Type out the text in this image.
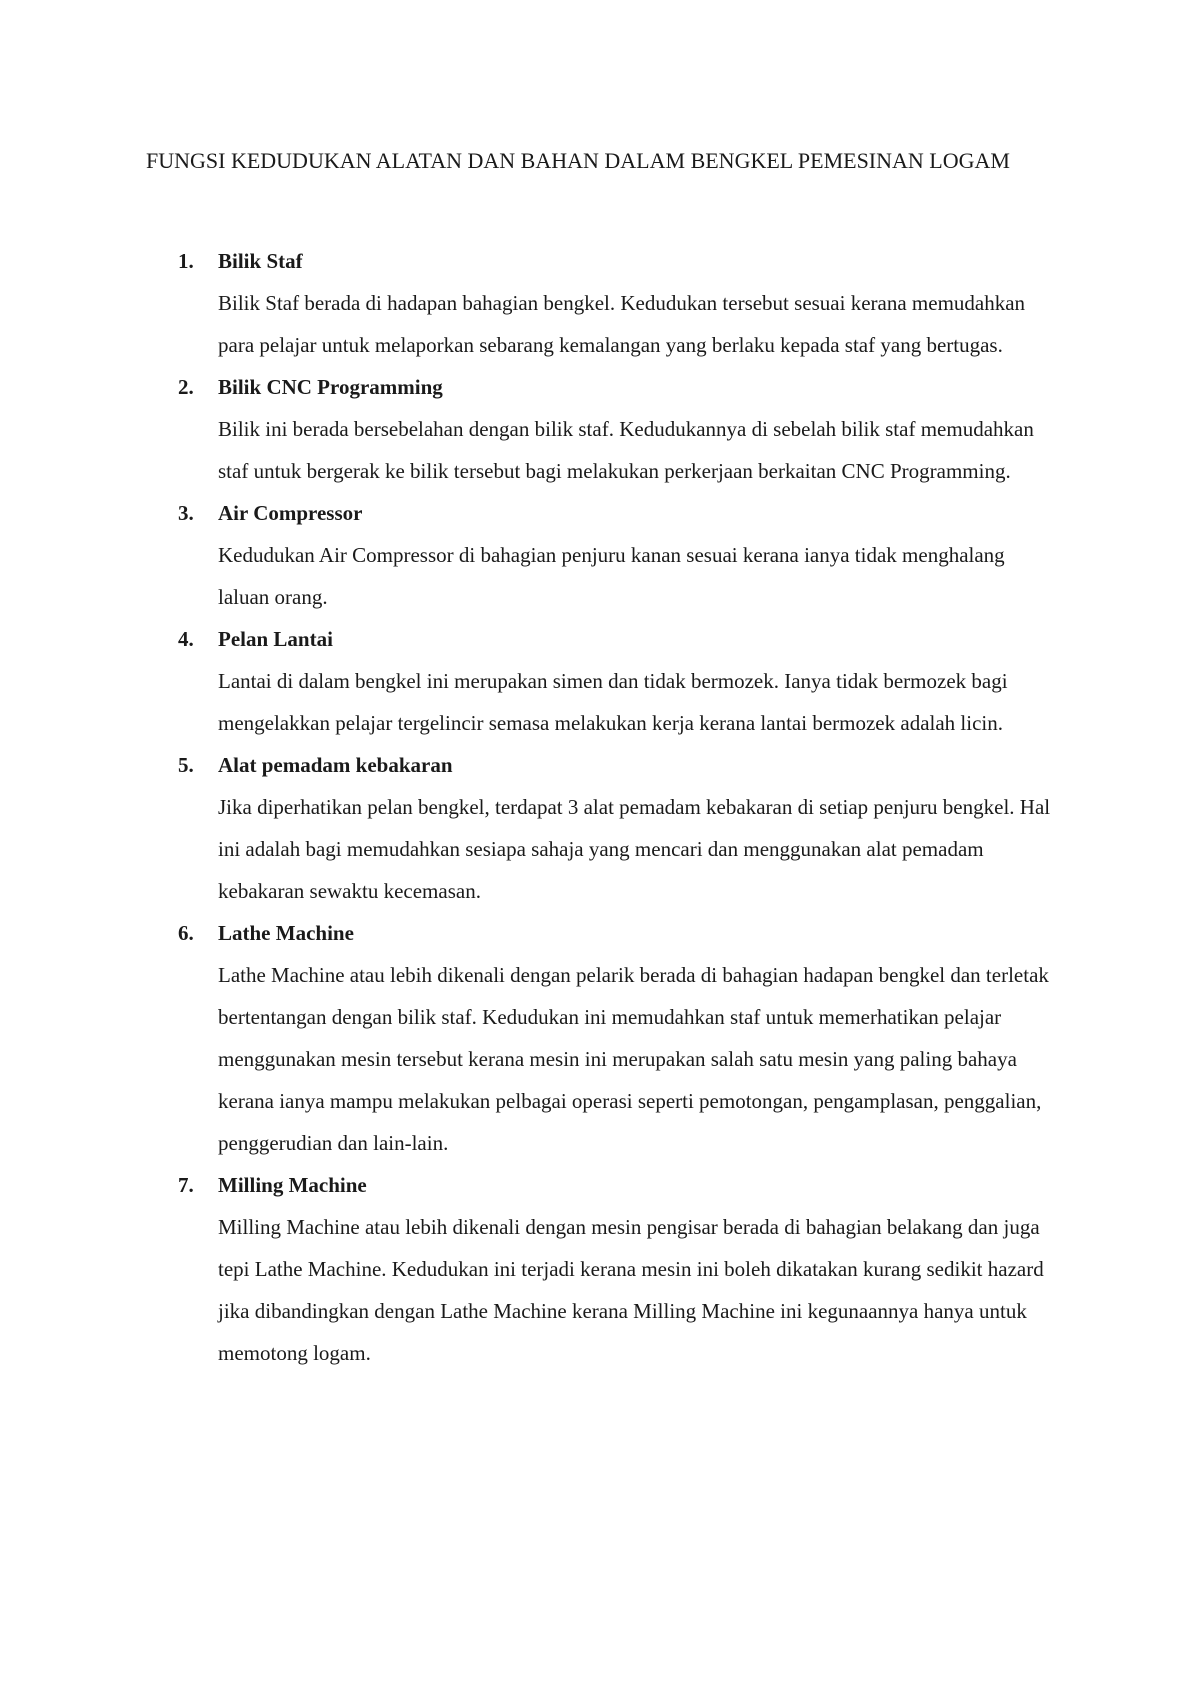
FUNGSI KEDUDUKAN ALATAN DAN BAHAN DALAM BENGKEL PEMESINAN LOGAM
1. Bilik Staf

Bilik Staf berada di hadapan bahagian bengkel. Kedudukan tersebut sesuai kerana memudahkan para pelajar untuk melaporkan sebarang kemalangan yang berlaku kepada staf yang bertugas.

2. Bilik CNC Programming

Bilik ini berada bersebelahan dengan bilik staf. Kedudukannya di sebelah bilik staf memudahkan staf untuk bergerak ke bilik tersebut bagi melakukan perkerjaan berkaitan CNC Programming.

3. Air Compressor

Kedudukan Air Compressor di bahagian penjuru kanan sesuai kerana ianya tidak menghalang laluan orang.

4. Pelan Lantai

Lantai di dalam bengkel ini merupakan simen dan tidak bermozek. Ianya tidak bermozek bagi mengelakkan pelajar tergelincir semasa melakukan kerja kerana lantai bermozek adalah licin.

5. Alat pemadam kebakaran

Jika diperhatikan pelan bengkel, terdapat 3 alat pemadam kebakaran di setiap penjuru bengkel. Hal ini adalah bagi memudahkan sesiapa sahaja yang mencari dan menggunakan alat pemadam kebakaran sewaktu kecemasan.

6. Lathe Machine

Lathe Machine atau lebih dikenali dengan pelarik berada di bahagian hadapan bengkel dan terletak bertentangan dengan bilik staf. Kedudukan ini memudahkan staf untuk memerhatikan pelajar menggunakan mesin tersebut kerana mesin ini merupakan salah satu mesin yang paling bahaya kerana ianya mampu melakukan pelbagai operasi seperti pemotongan, pengamplasan, penggalian, penggerudian dan lain-lain.

7. Milling Machine

Milling Machine atau lebih dikenali dengan mesin pengisar berada di bahagian belakang dan juga tepi Lathe Machine. Kedudukan ini terjadi kerana mesin ini boleh dikatakan kurang sedikit hazard jika dibandingkan dengan Lathe Machine kerana Milling Machine ini kegunaannya hanya untuk memotong logam.
